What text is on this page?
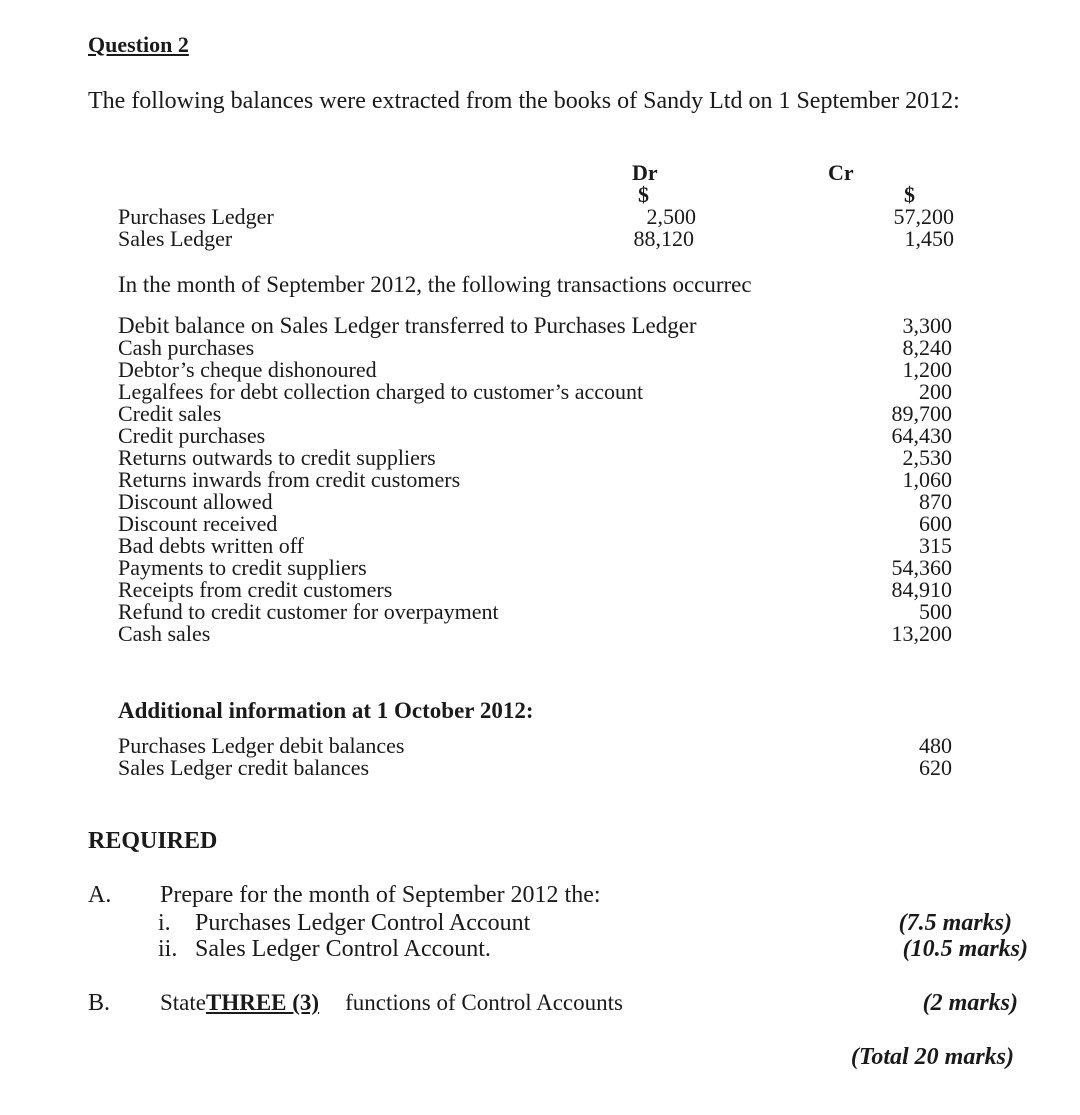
Question 2
The following balances were extracted from the books of Sandy Ltd on 1 September 2012:
Dr	Cr
$	$
Purchases Ledger	2,500	57,200
Sales Ledger	88,120	1,450
In the month of September 2012, the following transactions occurrec
Debit balance on Sales Ledger transferred to Purchases Ledger	3,300
Cash purchases	8,240
Debtor’s cheque dishonoured	1,200
Legalfees for debt collection charged to customer’s account	200
Credit sales	89,700
Credit purchases	64,430
Returns outwards to credit suppliers	2,530
Returns inwards from credit customers	1,060
Discount allowed	870
Discount received	600
Bad debts written off	315
Payments to credit suppliers	54,360
Receipts from credit customers	84,910
Refund to credit customer for overpayment	500
Cash sales	13,200
Additional information at 1 October 2012:
Purchases Ledger debit balances	480
Sales Ledger credit balances	620
REQUIRED
A. Prepare for the month of September 2012 the:
i. Purchases Ledger Control Account	(7.5 marks)
ii. Sales Ledger Control Account.	(10.5 marks)
B. StateTHREE (3) functions of Control Accounts	(2 marks)
(Total 20 marks)
